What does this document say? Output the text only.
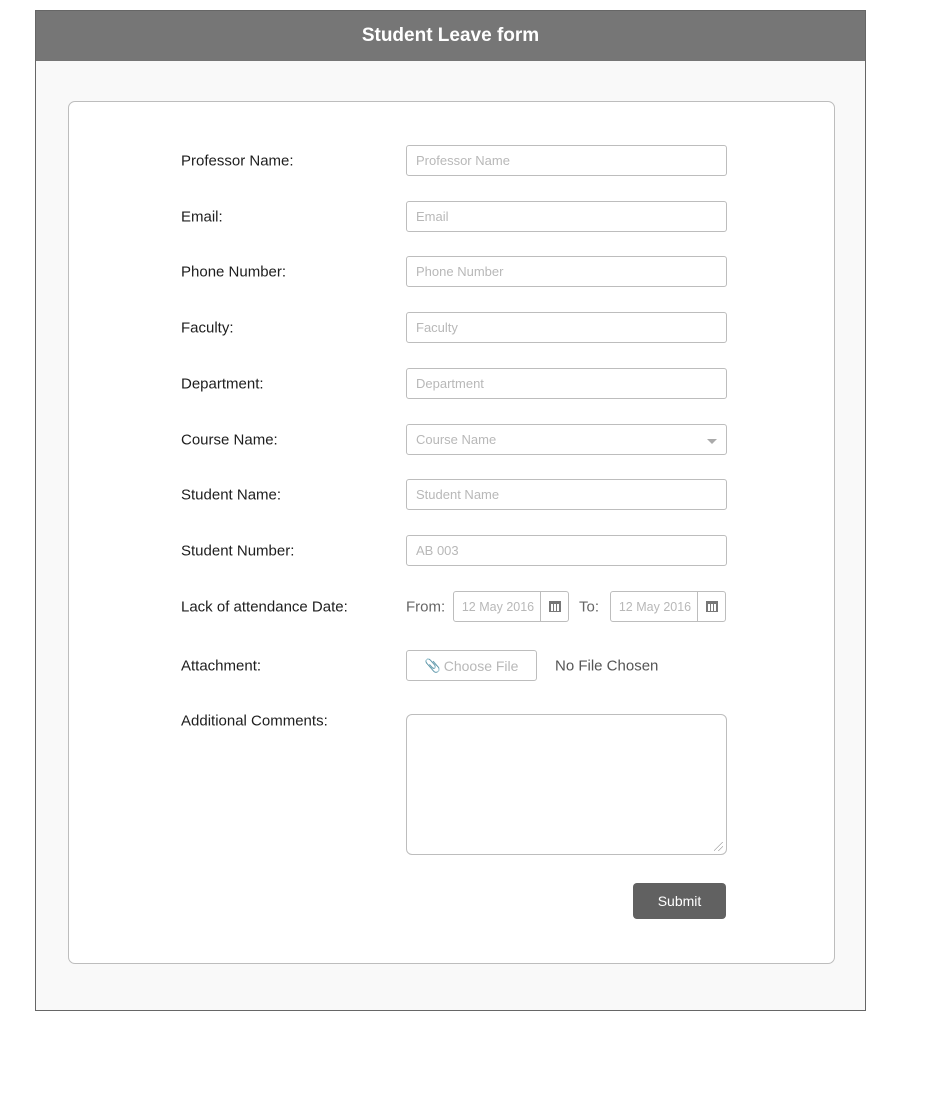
Student Leave form
Professor Name:	Professor Name
Email:	Email
Phone Number:	Phone Number
Faculty:	Faculty
Department:	Department
Course Name:	Course Name
Student Name:	Student Name
Student Number:	AB 003
Lack of attendance Date:	From:	12 May 2016	To:	12 May 2016
Attachment:	📎 Choose File No File Chosen
Additional Comments:
Submit
